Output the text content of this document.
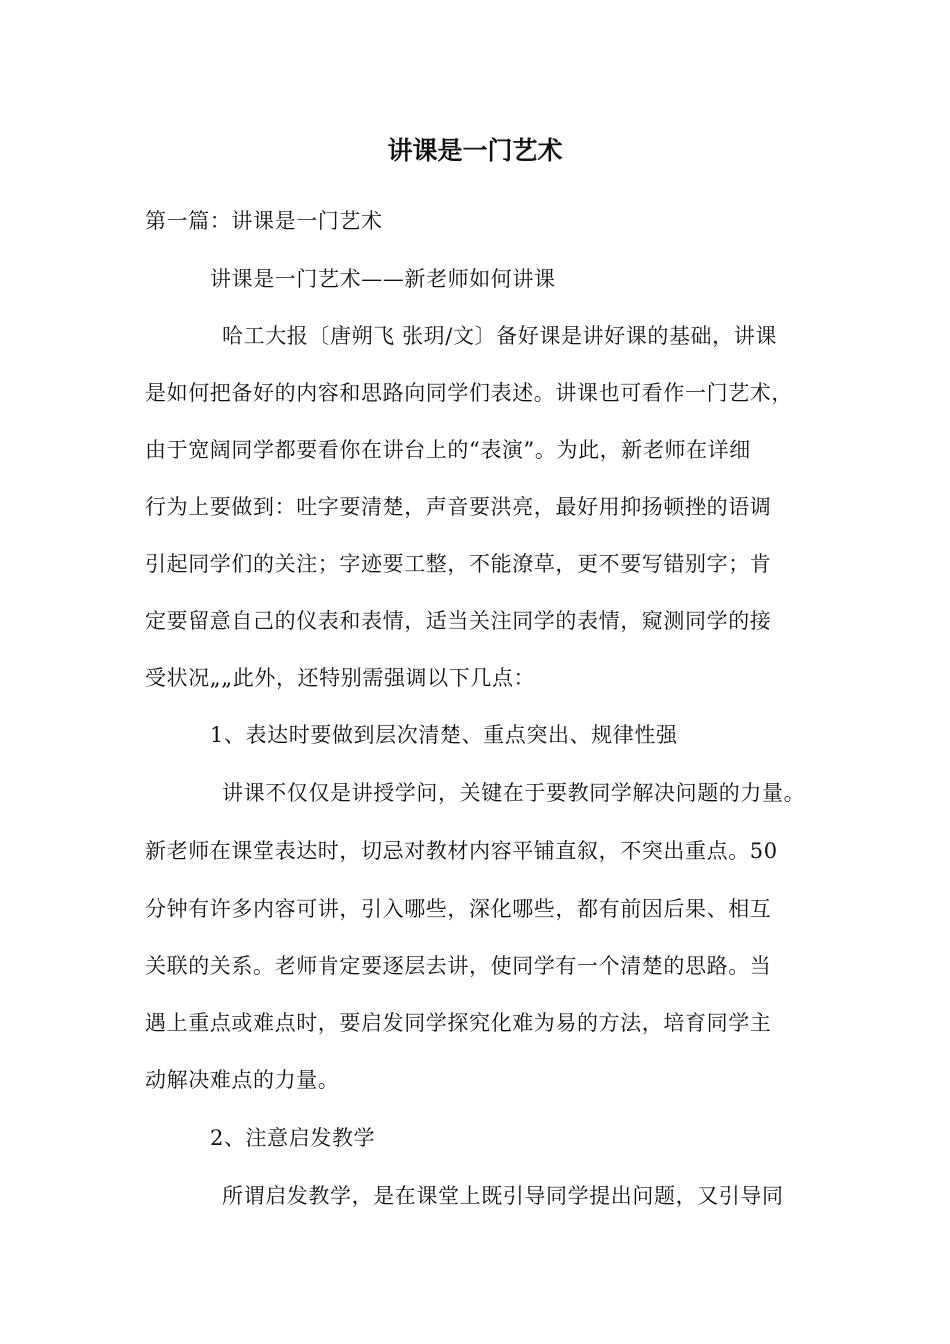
讲课是一门艺术
第一篇：讲课是一门艺术
讲课是一门艺术——新老师如何讲课
哈工大报〔唐朔飞 张玥/文〕备好课是讲好课的基础，讲课
是如何把备好的内容和思路向同学们表述。讲课也可看作一门艺术，
由于宽阔同学都要看你在讲台上的“表演”。为此，新老师在详细
行为上要做到：吐字要清楚，声音要洪亮，最好用抑扬顿挫的语调
引起同学们的关注；字迹要工整，不能潦草，更不要写错别字；肯
定要留意自己的仪表和表情，适当关注同学的表情，窥测同学的接
受状况„„此外，还特别需强调以下几点：
1、表达时要做到层次清楚、重点突出、规律性强
讲课不仅仅是讲授学问，关键在于要教同学解决问题的力量。
新老师在课堂表达时，切忌对教材内容平铺直叙，不突出重点。50
分钟有许多内容可讲，引入哪些，深化哪些，都有前因后果、相互
关联的关系。老师肯定要逐层去讲，使同学有一个清楚的思路。当
遇上重点或难点时，要启发同学探究化难为易的方法，培育同学主
动解决难点的力量。
2、注意启发教学
所谓启发教学，是在课堂上既引导同学提出问题，又引导同
